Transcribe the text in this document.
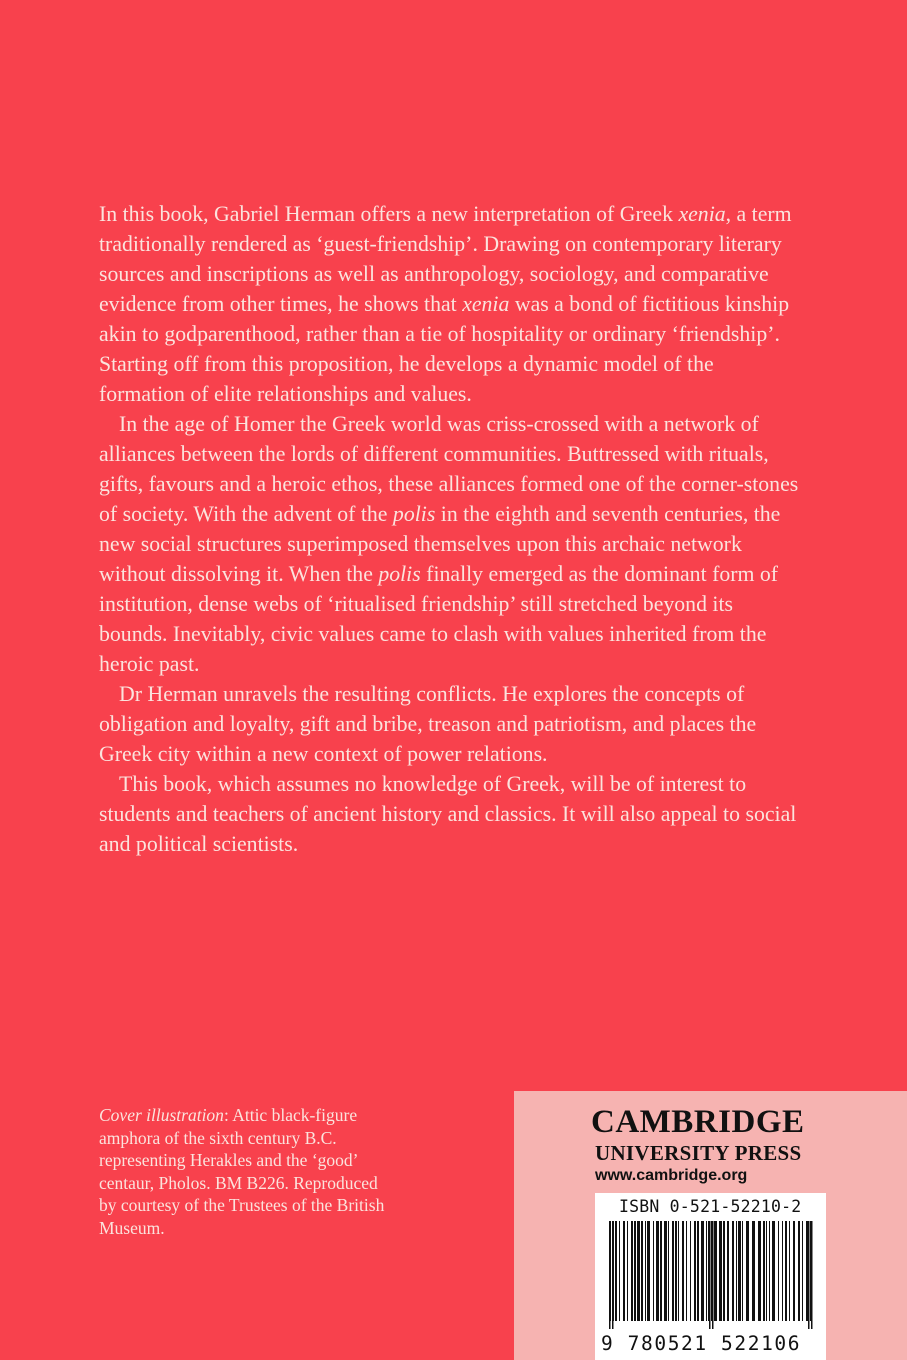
In this book, Gabriel Herman offers a new interpretation of Greek xenia, a term traditionally rendered as ‘guest-friendship’. Drawing on contemporary literary sources and inscriptions as well as anthropology, sociology, and comparative evidence from other times, he shows that xenia was a bond of fictitious kinship akin to godparenthood, rather than a tie of hospitality or ordinary ‘friendship’. Starting off from this proposition, he develops a dynamic model of the formation of elite relationships and values.

In the age of Homer the Greek world was criss-crossed with a network of alliances between the lords of different communities. Buttressed with rituals, gifts, favours and a heroic ethos, these alliances formed one of the corner-stones of society. With the advent of the polis in the eighth and seventh centuries, the new social structures superimposed themselves upon this archaic network without dissolving it. When the polis finally emerged as the dominant form of institution, dense webs of ‘ritualised friendship’ still stretched beyond its bounds. Inevitably, civic values came to clash with values inherited from the heroic past.

Dr Herman unravels the resulting conflicts. He explores the concepts of obligation and loyalty, gift and bribe, treason and patriotism, and places the Greek city within a new context of power relations.

This book, which assumes no knowledge of Greek, will be of interest to students and teachers of ancient history and classics. It will also appeal to social and political scientists.

Cover illustration: Attic black-figure amphora of the sixth century B.C. representing Herakles and the ‘good’ centaur, Pholos. BM B226. Reproduced by courtesy of the Trustees of the British Museum.
CAMBRIDGE
UNIVERSITY PRESS
www.cambridge.org
ISBN 0-521-52210-2
9 780521 522106
